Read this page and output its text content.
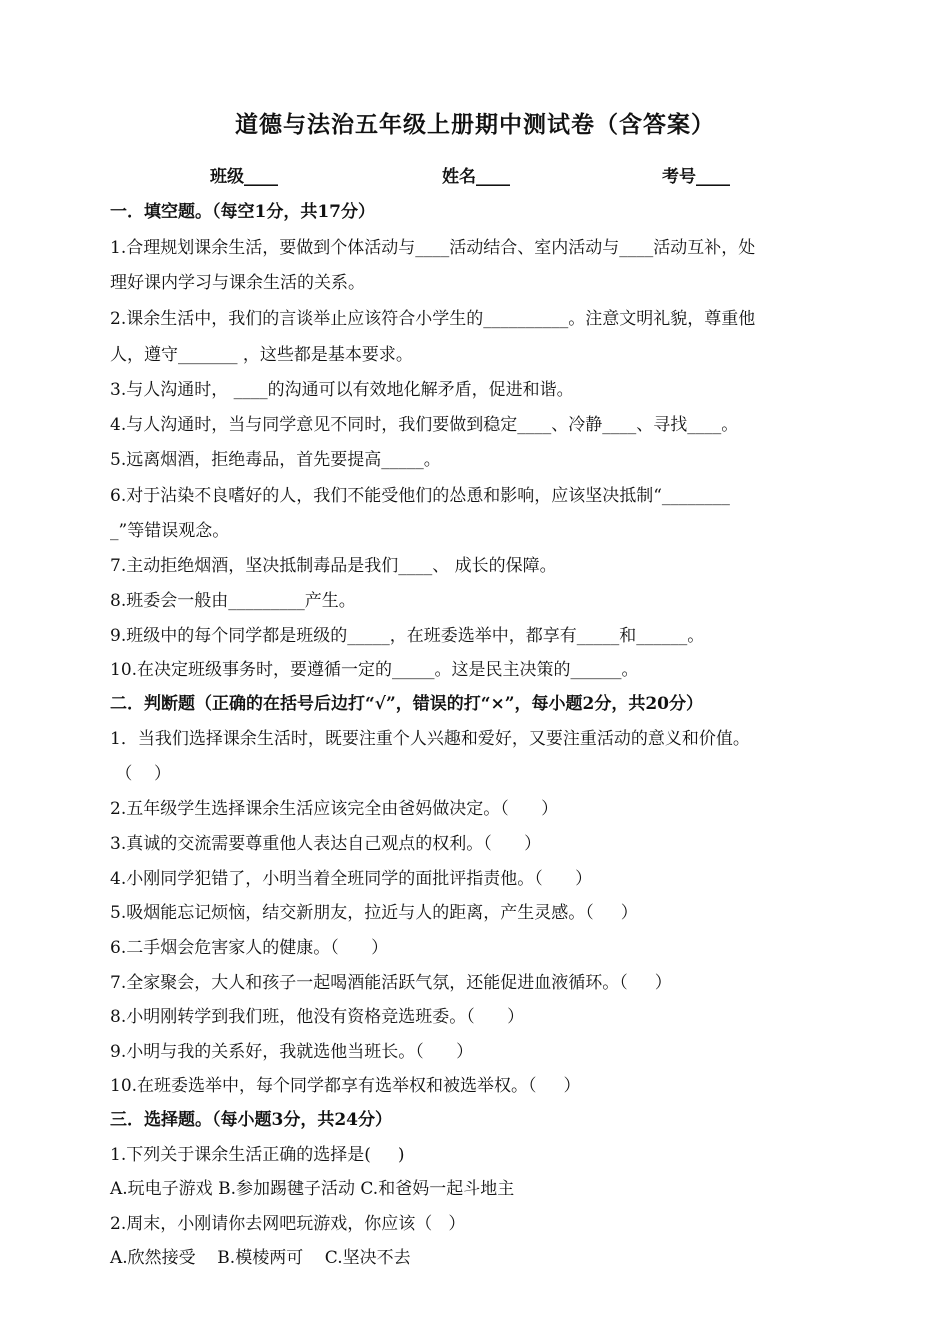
道德与法治五年级上册期中测试卷（含答案）
班级____	姓名____	考号____
一．填空题。（每空1分，共17分）
1.合理规划课余生活，要做到个体活动与____活动结合、室内活动与____活动互补，处
理好课内学习与课余生活的关系。
2.课余生活中，我们的言谈举止应该符合小学生的__________。注意文明礼貌，尊重他
人，遵守_______ ，这些都是基本要求。
3.与人沟通时， ____的沟通可以有效地化解矛盾，促进和谐。
4.与人沟通时，当与同学意见不同时，我们要做到稳定____、冷静____、寻找____。
5.远离烟酒，拒绝毒品，首先要提高_____。
6.对于沾染不良嗜好的人，我们不能受他们的怂恿和影响，应该坚决抵制“________
_”等错误观念。
7.主动拒绝烟酒，坚决抵制毒品是我们____、 成长的保障。
8.班委会一般由_________产生。
9.班级中的每个同学都是班级的_____，在班委选举中，都享有_____和______。
10.在决定班级事务时，要遵循一定的_____。这是民主决策的______。
二．判断题（正确的在括号后边打“√”，错误的打“×”，每小题2分，共20分）
1．当我们选择课余生活时，既要注重个人兴趣和爱好，又要注重活动的意义和价值。
（    ）
2.五年级学生选择课余生活应该完全由爸妈做决定。（      ）
3.真诚的交流需要尊重他人表达自己观点的权利。（      ）
4.小刚同学犯错了，小明当着全班同学的面批评指责他。（      ）
5.吸烟能忘记烦恼，结交新朋友，拉近与人的距离，产生灵感。（     ）
6.二手烟会危害家人的健康。（      ）
7.全家聚会，大人和孩子一起喝酒能活跃气氛，还能促进血液循环。（     ）
8.小明刚转学到我们班，他没有资格竞选班委。（      ）
9.小明与我的关系好，我就选他当班长。（      ）
10.在班委选举中，每个同学都享有选举权和被选举权。（     ）
三．选择题。（每小题3分，共24分）
1.下列关于课余生活正确的选择是(     )
A.玩电子游戏 B.参加踢毽子活动 C.和爸妈一起斗地主
2.周末，小刚请你去网吧玩游戏，你应该（   ）
A.欣然接受    B.模棱两可    C.坚决不去
